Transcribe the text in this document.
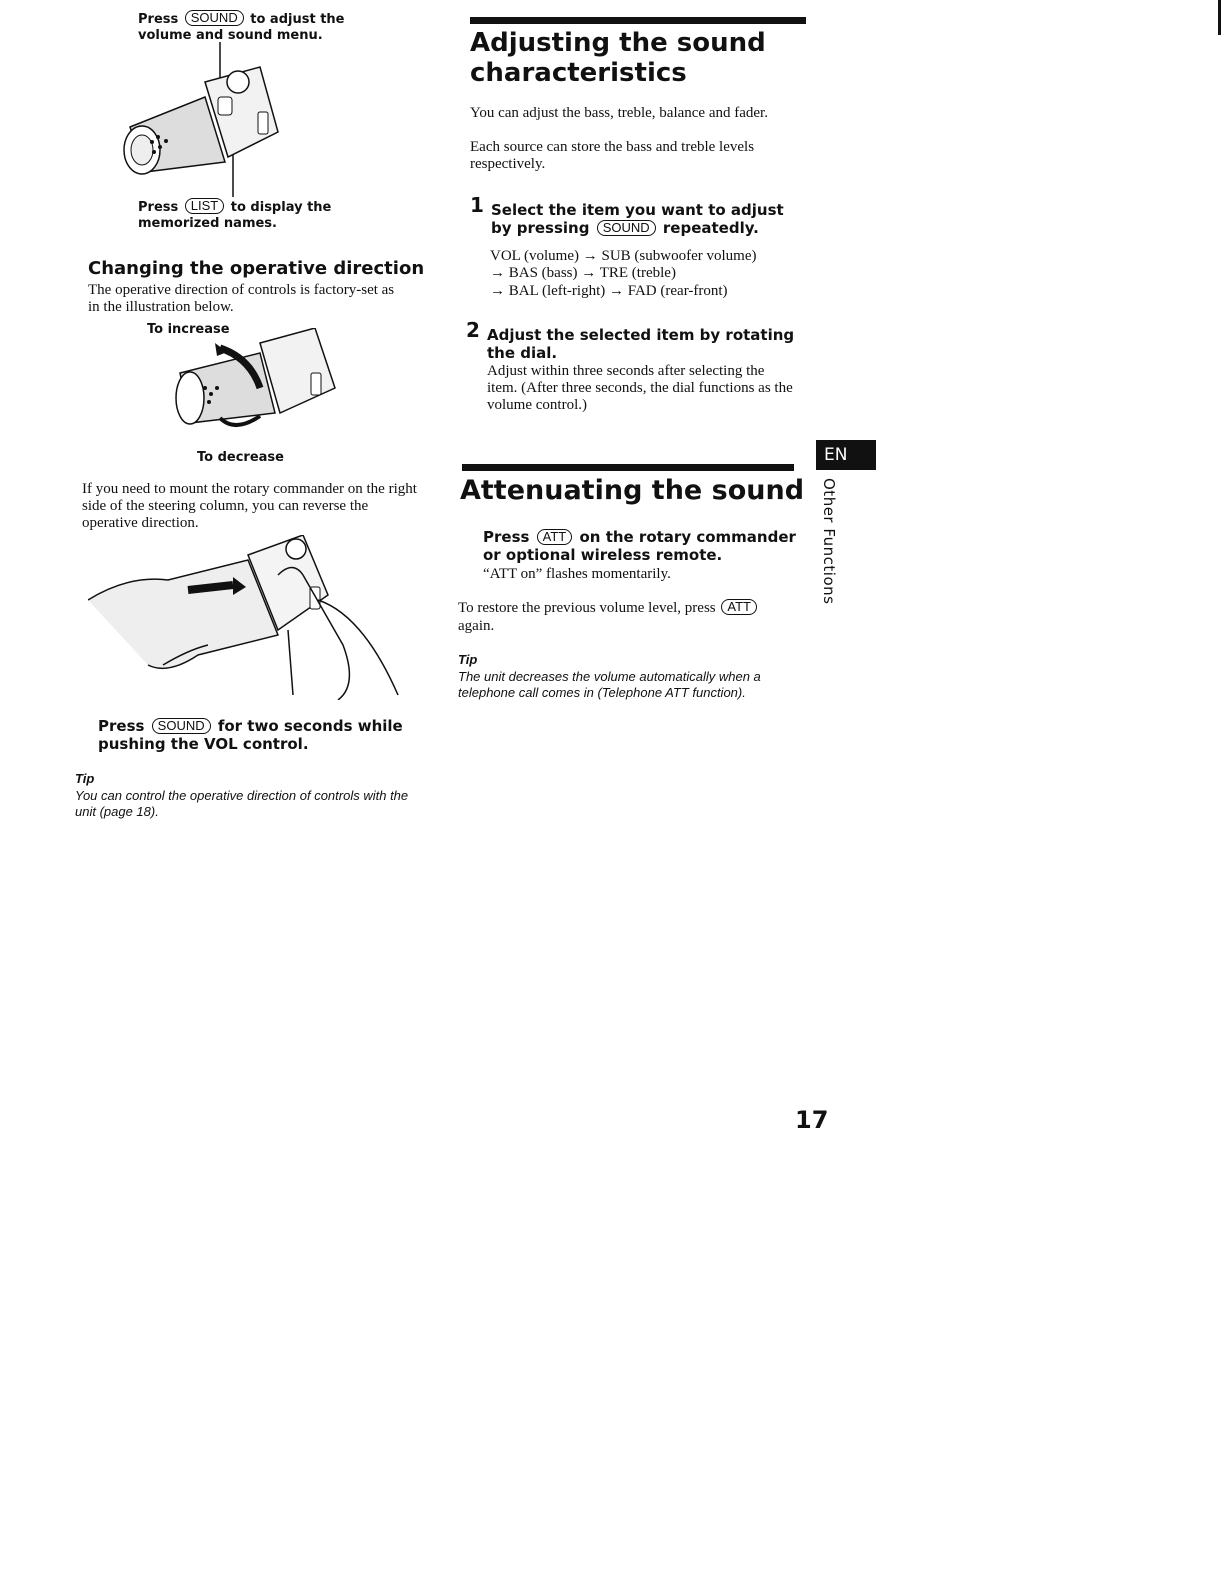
Press SOUND to adjust the volume and sound menu.
Press LIST to display the memorized names.
Changing the operative direction
The operative direction of controls is factory-set as in the illustration below.
To increase
To decrease
If you need to mount the rotary commander on the right side of the steering column, you can reverse the operative direction.
Press SOUND for two seconds while pushing the VOL control.
Tip
You can control the operative direction of controls with the unit (page 18).
Adjusting the sound characteristics
You can adjust the bass, treble, balance and fader.
Each source can store the bass and treble levels respectively.
1 Select the item you want to adjust by pressing SOUND repeatedly.
VOL (volume) → SUB (subwoofer volume)
→ BAS (bass) → TRE (treble)
→ BAL (left-right) → FAD (rear-front)
2 Adjust the selected item by rotating the dial.
Adjust within three seconds after selecting the item. (After three seconds, the dial functions as the volume control.)
Attenuating the sound
Press ATT on the rotary commander or optional wireless remote.
“ATT on” flashes momentarily.
To restore the previous volume level, press ATT again.
Tip
The unit decreases the volume automatically when a telephone call comes in (Telephone ATT function).
EN
Other Functions
17
